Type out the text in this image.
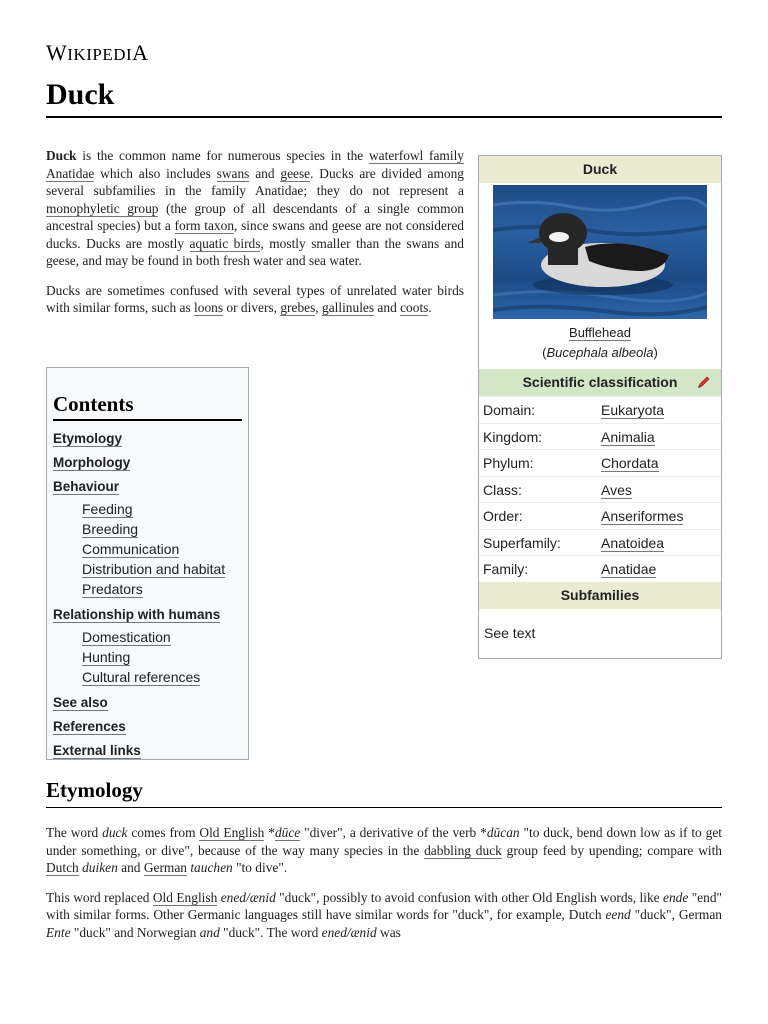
WIKIPEDIA
Duck

Duck is the common name for numerous species in the waterfowl family Anatidae which also includes swans and geese. Ducks are divided among several subfamilies in the family Anatidae; they do not represent a monophyletic group (the group of all descendants of a single common ancestral species) but a form taxon, since swans and geese are not considered ducks. Ducks are mostly aquatic birds, mostly smaller than the swans and geese, and may be found in both fresh water and sea water.

Ducks are sometimes confused with several types of unrelated water birds with similar forms, such as loons or divers, grebes, gallinules and coots.

Contents
Etymology
Morphology
Behaviour
Feeding
Breeding
Communication
Distribution and habitat
Predators
Relationship with humans
Domestication
Hunting
Cultural references
See also
References
External links
Duck
Bufflehead
(Bucephala albeola)
Scientific classification
Domain:	Eukaryota
Kingdom:	Animalia
Phylum:	Chordata
Class:	Aves
Order:	Anseriformes
Superfamily:	Anatoidea
Family:	Anatidae
Subfamilies
See text
Etymology

The word duck comes from Old English *dūce "diver", a derivative of the verb *dūcan "to duck, bend down low as if to get under something, or dive", because of the way many species in the dabbling duck group feed by upending; compare with Dutch duiken and German tauchen "to dive".

This word replaced Old English ened/ænid "duck", possibly to avoid confusion with other Old English words, like ende "end" with similar forms. Other Germanic languages still have similar words for "duck", for example, Dutch eend "duck", German Ente "duck" and Norwegian and "duck". The word ened/ænid was
